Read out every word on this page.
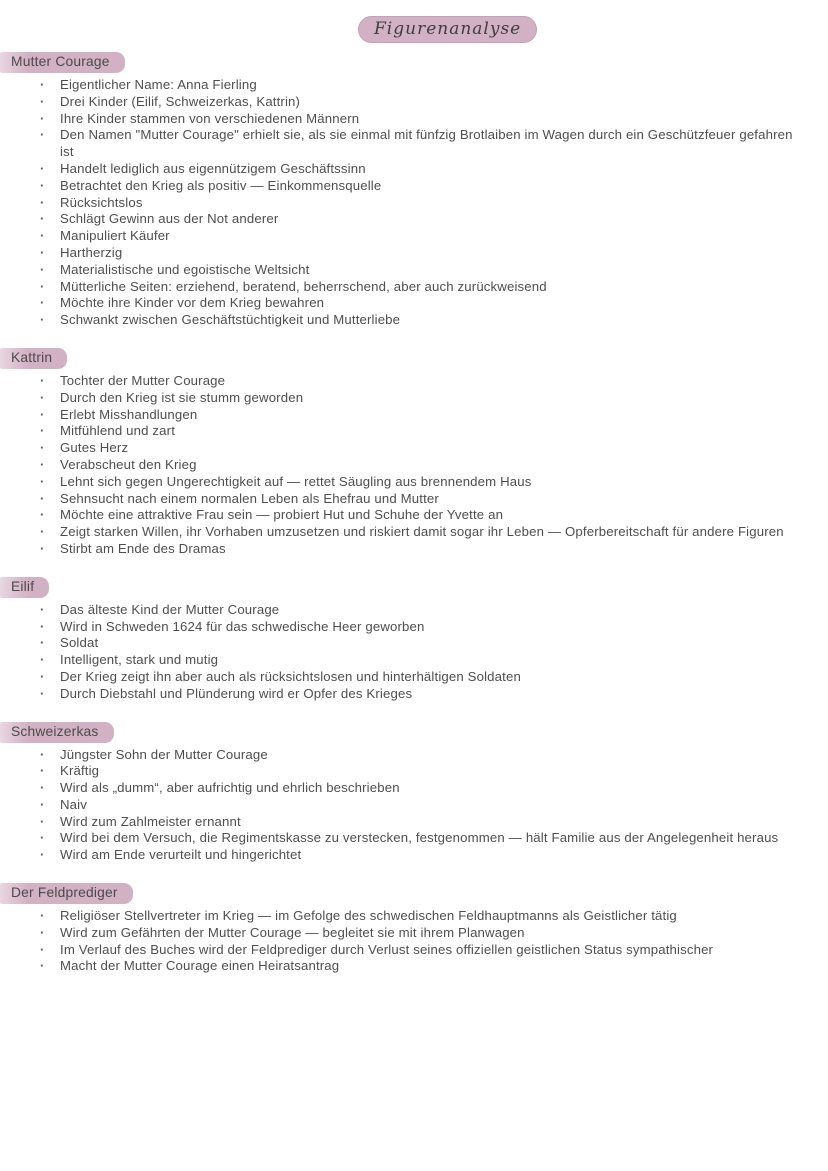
Figurenanalyse
Mutter Courage
·	Eigentlicher Name: Anna Fierling
·	Drei Kinder (Eilif, Schweizerkas, Kattrin)
·	Ihre Kinder stammen von verschiedenen Männern
·	Den Namen "Mutter Courage" erhielt sie, als sie einmal mit fünfzig Brotlaiben im Wagen durch ein Geschützfeuer gefahren ist
·	Handelt lediglich aus eigennützigem Geschäftssinn
·	Betrachtet den Krieg als positiv — Einkommensquelle
·	Rücksichtslos
·	Schlägt Gewinn aus der Not anderer
·	Manipuliert Käufer
·	Hartherzig
·	Materialistische und egoistische Weltsicht
·	Mütterliche Seiten: erziehend, beratend, beherrschend, aber auch zurückweisend
·	Möchte ihre Kinder vor dem Krieg bewahren
·	Schwankt zwischen Geschäftstüchtigkeit und Mutterliebe
Kattrin
·	Tochter der Mutter Courage
·	Durch den Krieg ist sie stumm geworden
·	Erlebt Misshandlungen
·	Mitfühlend und zart
·	Gutes Herz
·	Verabscheut den Krieg
·	Lehnt sich gegen Ungerechtigkeit auf — rettet Säugling aus brennendem Haus
·	Sehnsucht nach einem normalen Leben als Ehefrau und Mutter
·	Möchte eine attraktive Frau sein — probiert Hut und Schuhe der Yvette an
·	Zeigt starken Willen, ihr Vorhaben umzusetzen und riskiert damit sogar ihr Leben — Opferbereitschaft für andere Figuren
·	Stirbt am Ende des Dramas
Eilif
·	Das älteste Kind der Mutter Courage
·	Wird in Schweden 1624 für das schwedische Heer geworben
·	Soldat
·	Intelligent, stark und mutig
·	Der Krieg zeigt ihn aber auch als rücksichtslosen und hinterhältigen Soldaten
·	Durch Diebstahl und Plünderung wird er Opfer des Krieges
Schweizerkas
·	Jüngster Sohn der Mutter Courage
·	Kräftig
·	Wird als „dumm“, aber aufrichtig und ehrlich beschrieben
·	Naiv
·	Wird zum Zahlmeister ernannt
·	Wird bei dem Versuch, die Regimentskasse zu verstecken, festgenommen — hält Familie aus der Angelegenheit heraus
·	Wird am Ende verurteilt und hingerichtet
Der Feldprediger
·	Religiöser Stellvertreter im Krieg — im Gefolge des schwedischen Feldhauptmanns als Geistlicher tätig
·	Wird zum Gefährten der Mutter Courage — begleitet sie mit ihrem Planwagen
·	Im Verlauf des Buches wird der Feldprediger durch Verlust seines offiziellen geistlichen Status sympathischer
·	Macht der Mutter Courage einen Heiratsantrag
